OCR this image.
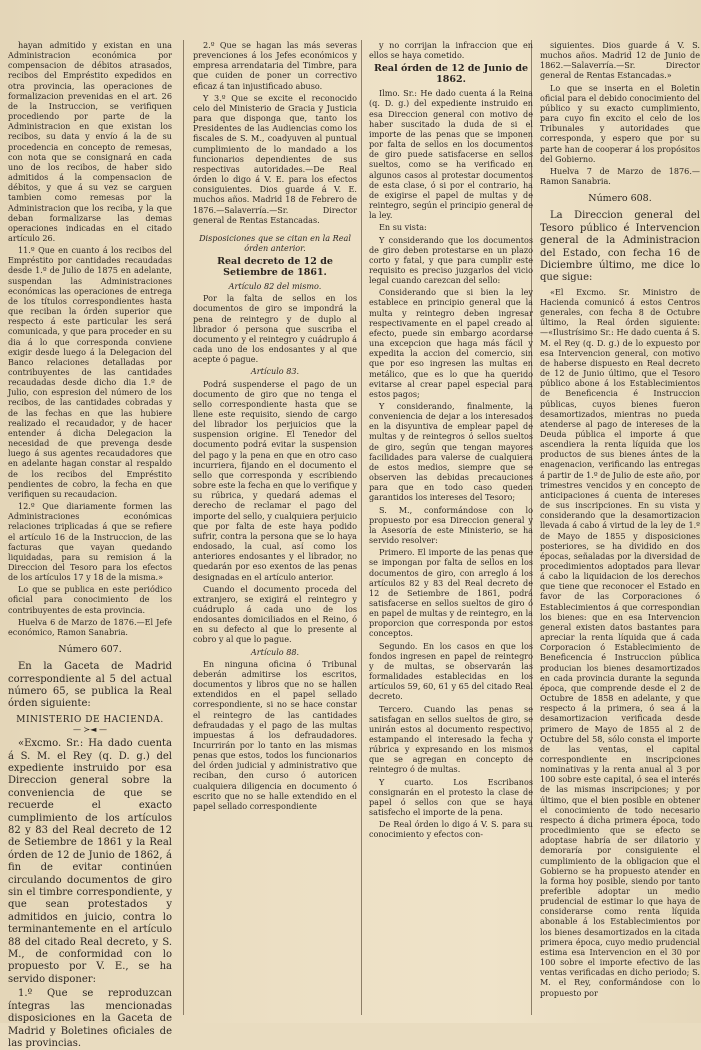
hayan admitido y existan en una Administracion económica por compensacion de débitos atrasados, recibos del Empréstito expedidos en otra provincia, las operaciones de formalizacion prevenidas en el art. 26 de la Instruccion, se verifiquen procediendo por parte de la Administracion en que existan los recibos, su data y envío á la de su procedencia en concepto de remesas, con nota que se consignará en cada uno de los recibos, de haber sido admitidos á la compensacion de débitos, y que á su vez se carguen tambien como remesas por la Administracion que los reciba, y la que deban formalizarse las demas operaciones indicadas en el citado artículo 26.

11.º Que en cuanto á los recibos del Empréstito por cantidades recaudadas desde 1.º de Julio de 1875 en adelante, suspendan las Administraciones económicas las operaciones de entrega de los títulos correspondientes hasta que reciban la órden superior que respecto á este particular les será comunicada, y que para proceder en su dia á lo que corresponda conviene exigir desde luego á la Delegacion del Banco relaciones detalladas por contribuyentes de las cantidades recaudadas desde dicho dia 1.º de Julio, con espresion del número de los recibos, de las cantidades cobradas y de las fechas en que las hubiere realizado el recaudador, y de hacer entender á dicha Delegacion la necesidad de que prevenga desde luego á sus agentes recaudadores que en adelante hagan constar al respaldo de los recibos del Empréstito pendientes de cobro, la fecha en que verifiquen su recaudacion.

12.º Que diariamente formen las Administraciones económicas relaciones triplicadas á que se refiere el artículo 16 de la Instruccion, de las facturas que vayan quedando liquidadas, para su remision á la Direccion del Tesoro para los efectos de los artículos 17 y 18 de la misma.»

Lo que se publica en este periódico oficial para conocimiento de los contribuyentes de esta provincia.

Huelva 6 de Marzo de 1876.—El Jefe económico, Ramon Sanabria.

Número 607.

En la Gaceta de Madrid correspondiente al 5 del actual número 65, se publica la Real órden siguiente:

MINISTERIO DE HACIENDA.
— ≻◄ —

«Excmo. Sr.: Ha dado cuenta á S. M. el Rey (q. D. g.) del expediente instruido por esa Direccion general sobre la conveniencia de que se recuerde el exacto cumplimiento de los artículos 82 y 83 del Real decreto de 12 de Setiembre de 1861 y la Real órden de 12 de Junio de 1862, á fin de evitar continúen circulando documentos de giro sin el timbre correspondiente, y que sean protestados y admitidos en juicio, contra lo terminantemente en el artículo 88 del citado Real decreto, y S. M., de conformidad con lo propuesto por V. E., se ha servido disponer:

1.º Que se reproduzcan íntegras las mencionadas disposiciones en la Gaceta de Madrid y Boletines oficiales de las provincias.

2.º Que se hagan las más severas prevenciones á los Jefes económicos y empresa arrendataria del Timbre, para que cuiden de poner un correctivo eficaz á tan injustificado abuso.

Y 3.º Que se excite el reconocido celo del Ministerio de Gracia y Justicia para que disponga que, tanto los Presidentes de las Audiencias como los fiscales de S. M., coadyuven al puntual cumplimiento de lo mandado a los funcionarios dependientes de sus respectivas autoridades.—De Real órden lo digo á V. E. para los efectos consiguientes. Dios guarde á V. E. muchos años. Madrid 18 de Febrero de 1876.—Salaverría.—Sr. Director general de Rentas Estancadas.

Disposiciones que se citan en la Real órden anterior.

Real decreto de 12 de Setiembre de 1861.

Artículo 82 del mismo.

Por la falta de sellos en los documentos de giro se impondrá la pena de reintegro y de duplo al librador ó persona que suscriba el documento y el reintegro y cuádruplo á cada uno de los endosantes y al que acepte ó pague.

Artículo 83.

Podrá suspenderse el pago de un documento de giro que no tenga el sello correspondiente hasta que se llene este requisito, siendo de cargo del librador los perjuicios que la suspension origine. El Tenedor del documento podrá evitar la suspension del pago y la pena en que en otro caso incurriera, fijando en el documento el sello que corresponda y escribiendo sobre este la fecha en que lo verifique y su rúbrica, y quedará ademas el derecho de reclamar el pago del importe del sello, y cualquiera perjuicio que por falta de este haya podido sufrir, contra la persona que se lo haya endosado, la cual, así como los anteriores endosantes y el librador, no quedarán por eso exentos de las penas designadas en el artículo anterior.

Cuando el documento proceda del extranjero, se exigirá el reintegro y cuádruplo á cada uno de los endosantes domiciliados en el Reino, ó en su defecto al que lo presente al cobro y al que lo pague.

Artículo 88.

En ninguna oficina ó Tribunal deberán admitirse los escritos, documentos y libros que no se hallen extendidos en el papel sellado correspondiente, si no se hace constar el reintegro de las cantidades defraudadas y el pago de las multas impuestas á los defraudadores. Incurrirán por lo tanto en las mismas penas que estos, todos los funcionarios del órden judicial y administrativo que reciban, den curso ó autoricen cualquiera diligencia en documento ó escrito que no se halle extendido en el papel sellado correspondiente

y no corrijan la infraccion que en ellos se haya cometido.

Real órden de 12 de Junio de 1862.

Ilmo. Sr.: He dado cuenta á la Reina (q. D. g.) del expediente instruido en esa Direccion general con motivo de haber suscitado la duda de si el importe de las penas que se imponen por falta de sellos en los documentos de giro puede satisfacerse en sellos sueltos, como se ha verificado en algunos casos al protestar documentos de esta clase, ó si por el contrario, ha de exigirse el papel de multas y de reintegro, según el principio general de la ley.

En su vista:

Y considerando que los documentos de giro deben protestarse en un plazo corto y fatal, y que para cumplir este requisito es preciso juzgarlos del vicio legal cuando carezcan del sello:

Considerando que si bien la ley establece en principio general que la multa y reintegro deben ingresar respectivamente en el papel creado al efecto, puede sin embargo acordarse una excepcion que haga más fácil y expedita la accion del comercio, sin que por eso ingresen las multas en metálico, que es lo que ha querido evitarse al crear papel especial para estos pagos;

Y considerando, finalmente, la conveniencia de dejar a los interesados en la disyuntiva de emplear papel de multas y de reintegros ó sellos sueltos de giro, según que tengan mayores facilidades para valerse de cualquiera de estos medios, siempre que se observen las debidas precauciones para que en todo caso queden garantidos los intereses del Tesoro;

S. M., conformándose con lo propuesto por esa Direccion general y la Asesoría de este Ministerio, se ha servido resolver:

Primero. El importe de las penas que se impongan por falta de sellos en los documentos de giro, con arreglo á los artículos 82 y 83 del Real decreto de 12 de Setiembre de 1861, podrá satisfacerse en sellos sueltos de giro ó en papel de multas y de reintegro, en la proporcion que corresponda por estos conceptos.

Segundo. En los casos en que los fondos ingresen en papel de reintegro y de multas, se observarán las formalidades establecidas en los artículos 59, 60, 61 y 65 del citado Real decreto.

Tercero. Cuando las penas se satisfagan en sellos sueltos de giro, se unirán estos al documento respectivo, estampando el interesado la fecha y rúbrica y expresando en los mismos que se agregan en concepto de reintegro ó de multas.

Y cuarto. Los Escribanos consignarán en el protesto la clase de papel ó sellos con que se haya satisfecho el importe de la pena.

De Real órden lo digo á V. S. para su conocimiento y efectos con-

siguientes. Dios guarde á V. S. muchos años. Madrid 12 de Junio de 1862.—Salaverría.—Sr. Director general de Rentas Estancadas.»

Lo que se inserta en el Boletin oficial para el debido conocimiento del público y su exacto cumplimiento, para cuyo fin excito el celo de los Tribunales y autoridades que corresponda, y espero que por su parte han de cooperar á los propósitos del Gobierno.

Huelva 7 de Marzo de 1876.—Ramon Sanabria.

Número 608.

La Direccion general del Tesoro público é Intervencion general de la Administracion del Estado, con fecha 16 de Diciembre último, me dice lo que sigue:

«El Excmo. Sr. Ministro de Hacienda comunicó á estos Centros generales, con fecha 8 de Octubre último, la Real órden siguiente:—«Ilustrísimo Sr.: He dado cuenta á S. M. el Rey (q. D. g.) de lo expuesto por esa Intervencion general, con motivo de haberse dispuesto en Real decreto de 12 de Junio último, que el Tesoro público abone á los Establecimientos de Beneficencia é Instruccion públicas, cuyos bienes fueron desamortizados, mientras no pueda atenderse al pago de intereses de la Deuda pública el importe á que ascendiera la renta líquida que los productos de sus bienes ántes de la enagenacion, verificando las entregas á partir de 1.º de Julio de este año, por trimestres vencidos y en concepto de anticipaciones á cuenta de intereses de sus inscripciones. En su vista y considerando que la desamortizacion llevada á cabo á virtud de la ley de 1.º de Mayo de 1855 y disposiciones posteriores, se ha dividido en dos épocas, señaladas por la diversidad de procedimientos adoptados para llevar á cabo la liquidacion de los derechos que tiene que reconocer el Estado en favor de las Corporaciones ó Establecimientos á que correspondian los bienes: que en esa Intervencion general existen datos bastantes para apreciar la renta líquida que á cada Corporacion ó Establecimiento de Beneficencia é Instruccion pública producian los bienes desamortizados en cada provincia durante la segunda época, que comprende desde el 2 de Octubre de 1858 en adelante, y que respecto á la primera, ó sea á la desamortizacion verificada desde primero de Mayo de 1855 al 2 de Octubre del 58, sólo consta el importe de las ventas, el capital correspondiente en inscripciones nominativas y la renta anual al 3 por 100 sobre este capital, ó sea el interés de las mismas inscripciones; y por último, que el bien posible en obtener el conocimiento de todo necesario respecto á dicha primera época, todo procedimiento que se efecto se adoptase habría de ser dilatorio y demoraría por consiguiente el cumplimiento de la obligacion que el Gobierno se ha propuesto atender en la forma hoy posible, siendo por tanto preferible adoptar un medio prudencial de estimar lo que haya de considerarse como renta líquida abonable á los Establecimientos por los bienes desamortizados en la citada primera época, cuyo medio prudencial estima esa Intervencion en el 30 por 100 sobre el importe efectivo de las ventas verificadas en dicho periodo; S. M. el Rey, conformándose con lo propuesto por
